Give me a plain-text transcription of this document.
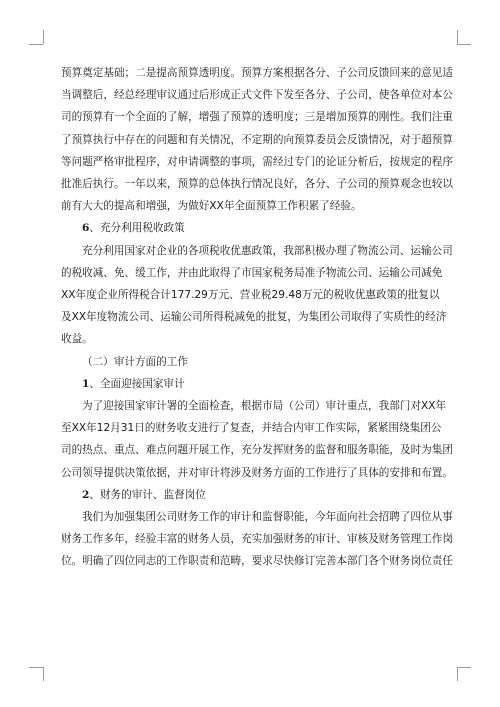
预算奠定基础；二是提高预算透明度。预算方案根据各分、子公司反馈回来的意见适

当调整后，经总经理审议通过后形成正式文件下发至各分、子公司，使各单位对本公

司的预算有一个全面的了解，增强了预算的透明度；三是增加预算的刚性。我们注重

了预算执行中存在的问题和有关情况，不定期的向预算委员会反馈情况，对于超预算

等问题严格审批程序，对申请调整的事项，需经过专门的论证分析后，按规定的程序

批准后执行。一年以来，预算的总体执行情况良好，各分、子公司的预算观念也较以

前有大大的提高和增强，为做好XX年全面预算工作积累了经验。

6、充分利用税收政策

充分利用国家对企业的各项税收优惠政策，我部积极办理了物流公司、运输公司

的税收减、免、缓工作，并由此取得了市国家税务局准予物流公司、运输公司减免

XX年度企业所得税合计177.29万元、营业税29.48万元的税收优惠政策的批复以

及XX年度物流公司、运输公司所得税减免的批复，为集团公司取得了实质性的经济

收益。

（二）审计方面的工作

1、全面迎接国家审计

为了迎接国家审计署的全面检查，根据市局（公司）审计重点，我部门对XX年

至XX年12月31日的财务收支进行了复查，并结合内审工作实际，紧紧围绕集团公

司的热点、重点、难点问题开展工作，充分发挥财务的监督和服务职能，及时为集团

公司领导提供决策依据，并对审计将涉及财务方面的工作进行了具体的安排和布置。

2、财务的审计、监督岗位

我们为加强集团公司财务工作的审计和监督职能，今年面向社会招聘了四位从事

财务工作多年，经验丰富的财务人员，充实加强财务的审计、审核及财务管理工作岗

位。明确了四位同志的工作职责和范畴，要求尽快修订完善本部门各个财务岗位责任
